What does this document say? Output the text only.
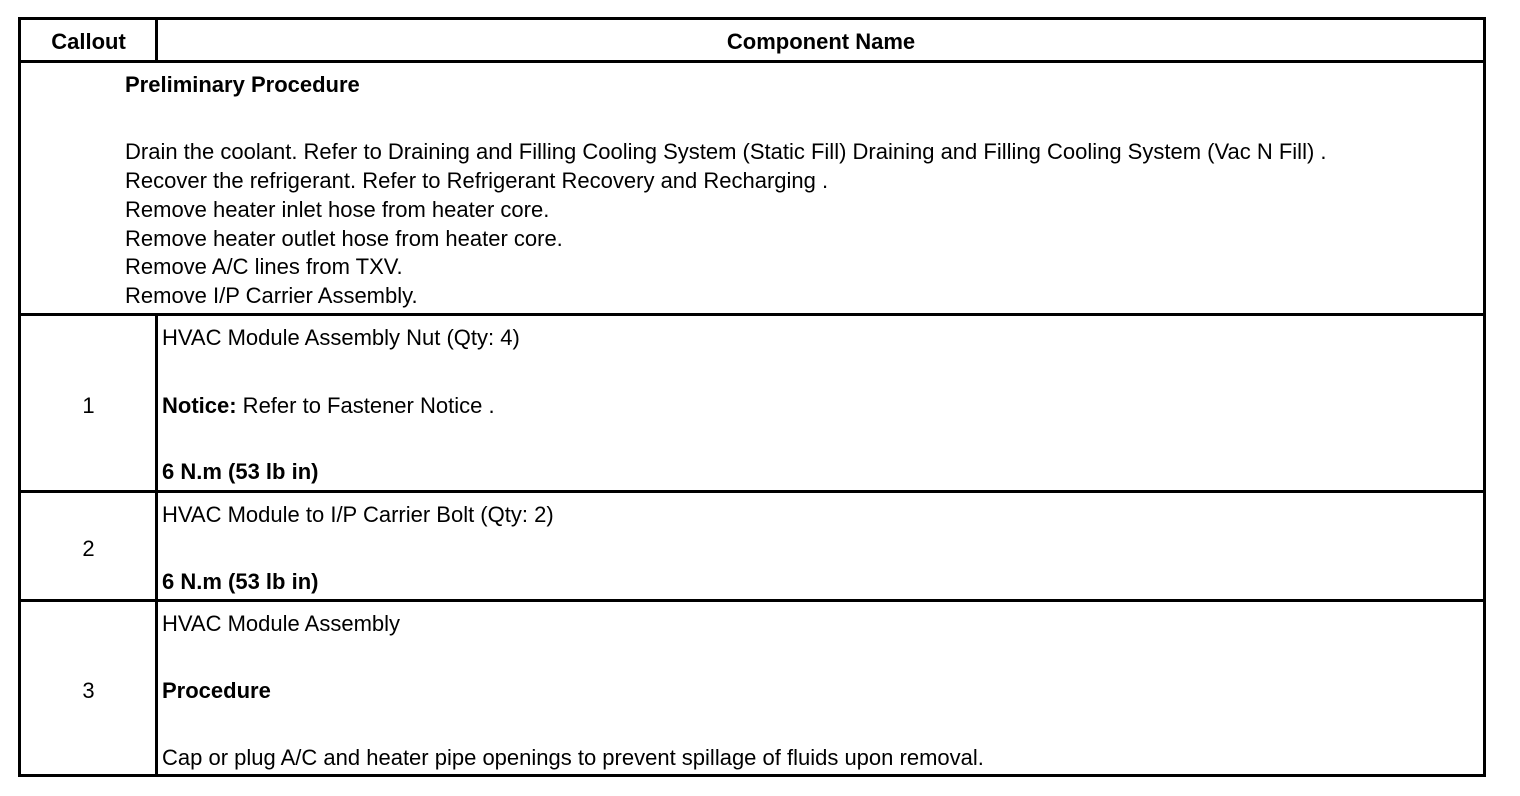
Callout	Component Name
Preliminary Procedure
Drain the coolant. Refer to Draining and Filling Cooling System (Static Fill) Draining and Filling Cooling System (Vac N Fill) .
Recover the refrigerant. Refer to Refrigerant Recovery and Recharging .
Remove heater inlet hose from heater core.
Remove heater outlet hose from heater core.
Remove A/C lines from TXV.
Remove I/P Carrier Assembly.
1
HVAC Module Assembly Nut (Qty: 4)
Notice: Refer to Fastener Notice .
6 N.m (53 lb in)
2
HVAC Module to I/P Carrier Bolt (Qty: 2)
6 N.m (53 lb in)
3
HVAC Module Assembly
Procedure
Cap or plug A/C and heater pipe openings to prevent spillage of fluids upon removal.
